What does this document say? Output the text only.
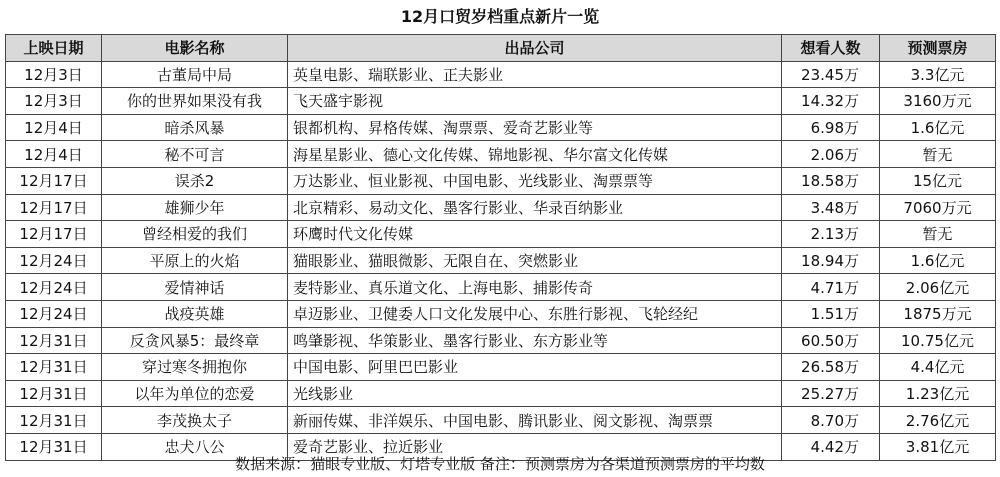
12月口贸岁档重点新片一览
上映日期	电影名称	出品公司	想看人数	预测票房
12月3日	古董局中局	英皇电影、瑞联影业、正夫影业	23.45万	3.3亿元
12月3日	你的世界如果没有我	飞天盛宇影视	14.32万	3160万元
12月4日	暗杀风暴	银都机构、昇格传媒、淘票票、爱奇艺影业等	6.98万	1.6亿元
12月4日	秘不可言	海星星影业、德心文化传媒、锦地影视、华尔富文化传媒	2.06万	暂无
12月17日	误杀2	万达影业、恒业影视、中国电影、光线影业、淘票票等	18.58万	15亿元
12月17日	雄狮少年	北京精彩、易动文化、墨客行影业、华录百纳影业	3.48万	7060万元
12月17日	曾经相爱的我们	环鹰时代文化传媒	2.13万	暂无
12月24日	平原上的火焰	猫眼影业、猫眼微影、无限自在、突燃影业	18.94万	1.6亿元
12月24日	爱情神话	麦特影业、真乐道文化、上海电影、捕影传奇	4.71万	2.06亿元
12月24日	战疫英雄	卓迈影业、卫健委人口文化发展中心、东胜行影视、飞轮经纪	1.51万	1875万元
12月31日	反贪风暴5：最终章	鸣肇影视、华策影业、墨客行影业、东方影业等	60.50万	10.75亿元
12月31日	穿过寒冬拥抱你	中国电影、阿里巴巴影业	26.58万	4.4亿元
12月31日	以年为单位的恋爱	光线影业	25.27万	1.23亿元
12月31日	李茂换太子	新丽传媒、非洋娱乐、中国电影、腾讯影业、阅文影视、淘票票	8.70万	2.76亿元
12月31日	忠犬八公	爱奇艺影业、拉近影业	4.42万	3.81亿元
数据来源：猫眼专业版、灯塔专业版 备注：预测票房为各渠道预测票房的平均数
